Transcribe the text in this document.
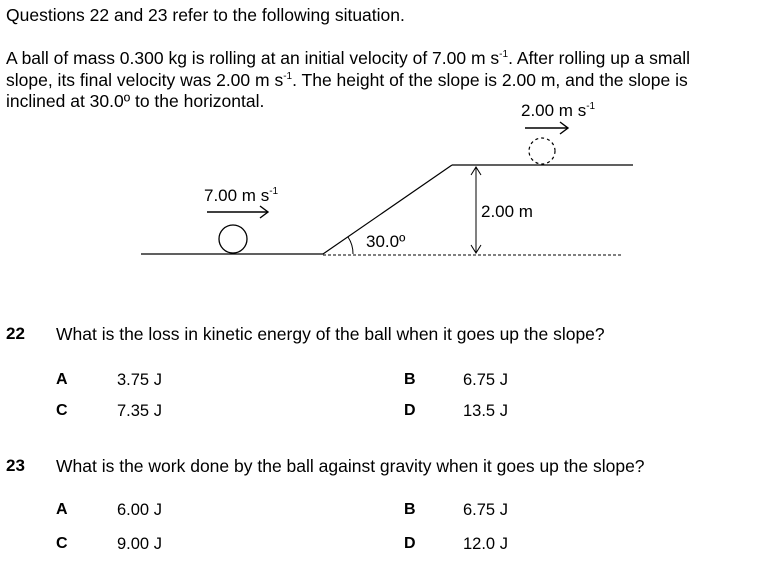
Questions 22 and 23 refer to the following situation.
A ball of mass 0.300 kg is rolling at an initial velocity of 7.00 m $s^{-1}$. After rolling up a small
slope, its final velocity was 2.00 m $s^{-1}$. The height of the slope is 2.00 m, and the slope is
inclined at 30.0º to the horizontal.	2.00 m $s^{-1}$
7.00 m $s^{-1}$
2.00 m
30.0º
22 What is the loss in kinetic energy of the ball when it goes up the slope?
A	3.75 J	B	6.75 J
C	7.35 J	D	13.5 J
23 What is the work done by the ball against gravity when it goes up the slope?
A	6.00 J	B	6.75 J
C	9.00 J	D	12.0 J
